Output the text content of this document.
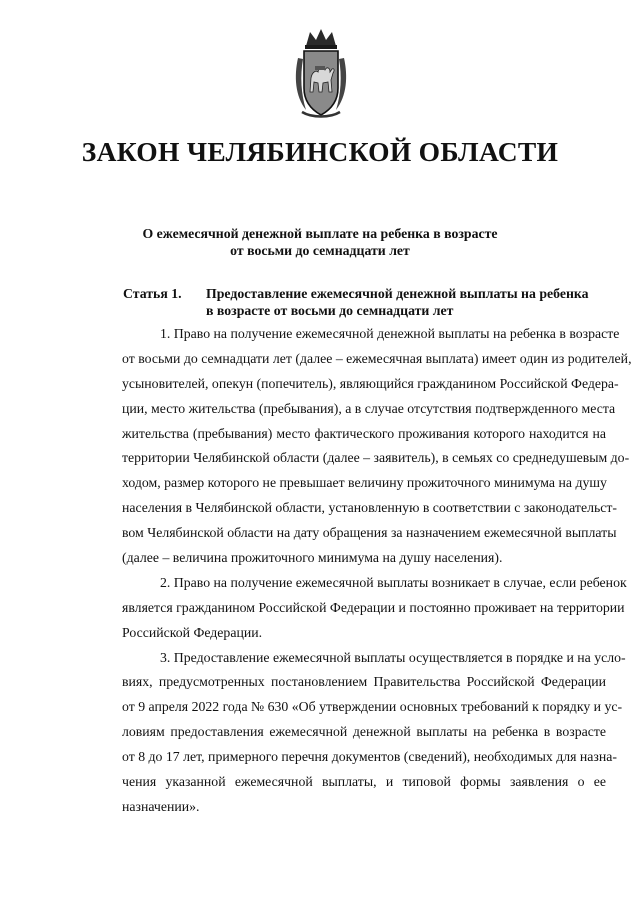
ЗАКОН ЧЕЛЯБИНСКОЙ ОБЛАСТИ
О ежемесячной денежной выплате на ребенка в возрасте
от восьми до семнадцати лет
Статья 1. Предоставление ежемесячной денежной выплаты на ребенка
в возрасте от восьми до семнадцати лет
1. Право на получение ежемесячной денежной выплаты на ребенка в возрасте
от восьми до семнадцати лет (далее – ежемесячная выплата) имеет один из родителей,
усыновителей, опекун (попечитель), являющийся гражданином Российской Федера-
ции, место жительства (пребывания), а в случае отсутствия подтвержденного места
жительства (пребывания) место фактического проживания которого находится на
территории Челябинской области (далее – заявитель), в семьях со среднедушевым до-
ходом, размер которого не превышает величину прожиточного минимума на душу
населения в Челябинской области, установленную в соответствии с законодательст-
вом Челябинской области на дату обращения за назначением ежемесячной выплаты
(далее – величина прожиточного минимума на душу населения).
2. Право на получение ежемесячной выплаты возникает в случае, если ребенок
является гражданином Российской Федерации и постоянно проживает на территории
Российской Федерации.
3. Предоставление ежемесячной выплаты осуществляется в порядке и на усло-
виях, предусмотренных постановлением Правительства Российской Федерации
от 9 апреля 2022 года № 630 «Об утверждении основных требований к порядку и ус-
ловиям предоставления ежемесячной денежной выплаты на ребенка в возрасте
от 8 до 17 лет, примерного перечня документов (сведений), необходимых для назна-
чения указанной ежемесячной выплаты, и типовой формы заявления о ее
назначении».
